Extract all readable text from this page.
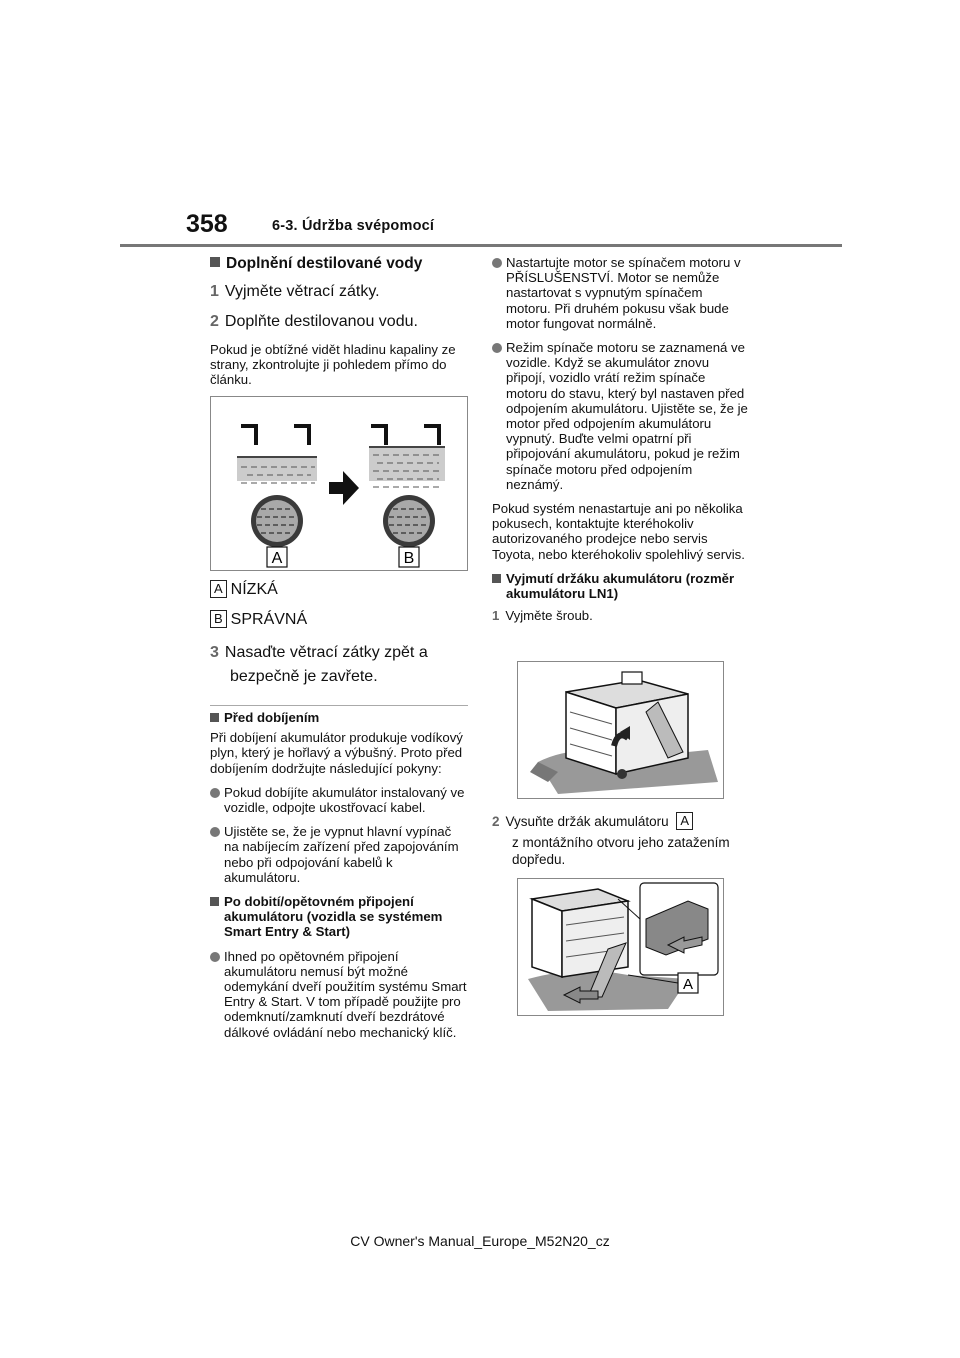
358	6-3. Údržba svépomocí

Doplnění destilované vody

1 Vyjměte větrací zátky.

2 Doplňte destilovanou vodu.

Pokud je obtížné vidět hladinu kapaliny ze strany, zkontrolujte ji pohledem přímo do článku.

A	B

A NÍZKÁ

B SPRÁVNÁ

3 Nasaďte větrací zátky zpět a bezpečně je zavřete.

Před dobíjením

Při dobíjení akumulátor produkuje vodíkový plyn, který je hořlavý a výbušný. Proto před dobíjením dodržujte následující pokyny:

Pokud dobíjíte akumulátor instalovaný ve vozidle, odpojte ukostřovací kabel.

Ujistěte se, že je vypnut hlavní vypínač na nabíjecím zařízení před zapojováním nebo při odpojování kabelů k akumulátoru.

Po dobití/opětovném připojení akumulátoru (vozidla se systémem Smart Entry & Start)

Ihned po opětovném připojení akumulátoru nemusí být možné odemykání dveří použitím systému Smart Entry & Start. V tom případě použijte pro odemknutí/zamknutí dveří bezdrátové dálkové ovládání nebo mechanický klíč.

Nastartujte motor se spínačem motoru v PŘÍSLUŠENSTVÍ. Motor se nemůže nastartovat s vypnutým spínačem motoru. Při druhém pokusu však bude motor fungovat normálně.

Režim spínače motoru se zaznamená ve vozidle. Když se akumulátor znovu připojí, vozidlo vrátí režim spínače motoru do stavu, který byl nastaven před odpojením akumulátoru. Ujistěte se, že je motor před odpojením akumulátoru vypnutý. Buďte velmi opatrní při připojování akumulátoru, pokud je režim spínače motoru před odpojením neznámý.

Pokud systém nenastartuje ani po několika pokusech, kontaktujte kteréhokoliv autorizovaného prodejce nebo servis Toyota, nebo kteréhokoliv spolehlivý servis.

Vyjmutí držáku akumulátoru (rozměr akumulátoru LN1)

1 Vyjměte šroub.

2 Vysuňte držák akumulátoru A

z montážního otvoru jeho zatažením dopředu.

A
CV Owner's Manual_Europe_M52N20_cz
